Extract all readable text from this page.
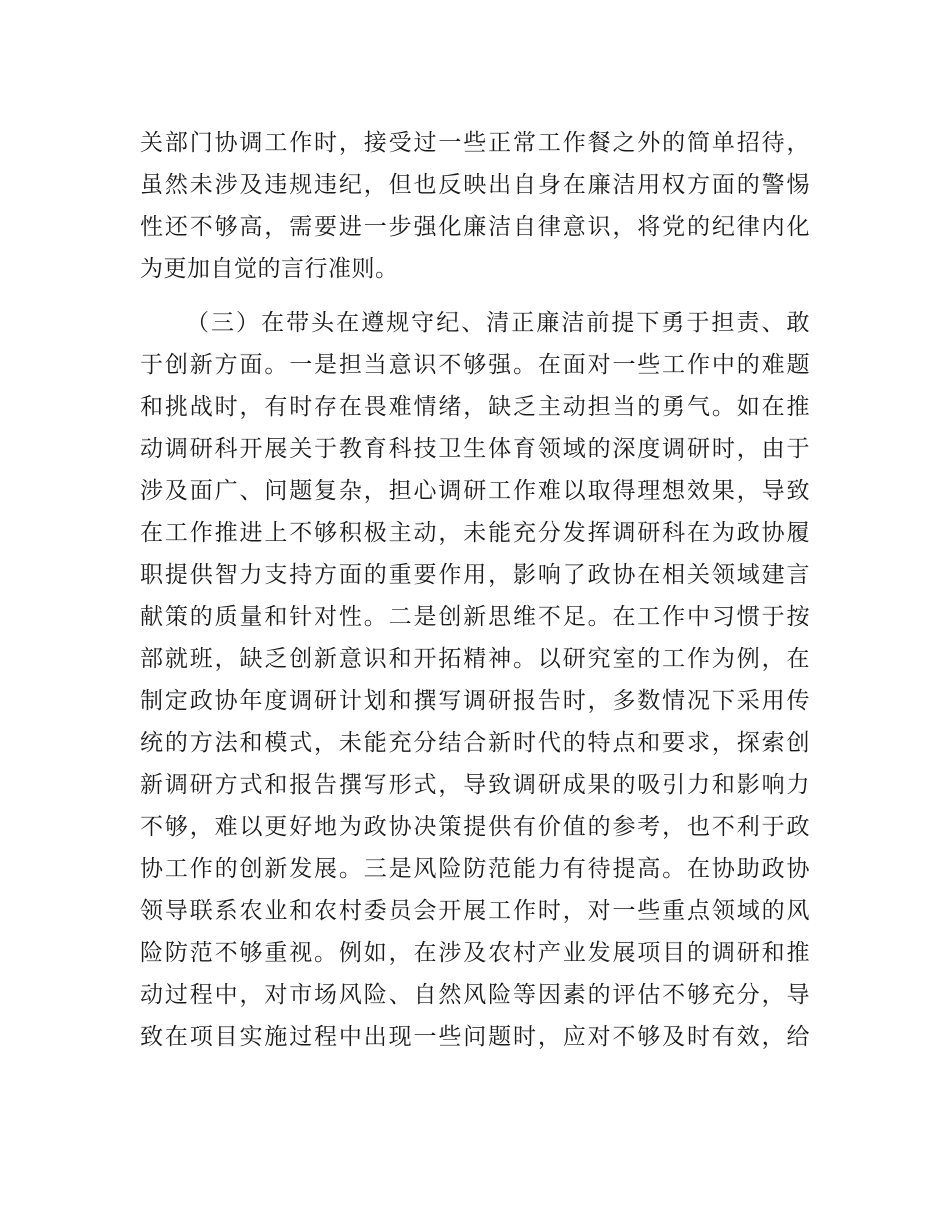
关部门协调工作时，接受过一些正常工作餐之外的简单招待，
虽然未涉及违规违纪，但也反映出自身在廉洁用权方面的警惕
性还不够高，需要进一步强化廉洁自律意识，将党的纪律内化
为更加自觉的言行准则。
（三）在带头在遵规守纪、清正廉洁前提下勇于担责、敢
于创新方面。一是担当意识不够强。在面对一些工作中的难题
和挑战时，有时存在畏难情绪，缺乏主动担当的勇气。如在推
动调研科开展关于教育科技卫生体育领域的深度调研时，由于
涉及面广、问题复杂，担心调研工作难以取得理想效果，导致
在工作推进上不够积极主动，未能充分发挥调研科在为政协履
职提供智力支持方面的重要作用，影响了政协在相关领域建言
献策的质量和针对性。二是创新思维不足。在工作中习惯于按
部就班，缺乏创新意识和开拓精神。以研究室的工作为例，在
制定政协年度调研计划和撰写调研报告时，多数情况下采用传
统的方法和模式，未能充分结合新时代的特点和要求，探索创
新调研方式和报告撰写形式，导致调研成果的吸引力和影响力
不够，难以更好地为政协决策提供有价值的参考，也不利于政
协工作的创新发展。三是风险防范能力有待提高。在协助政协
领导联系农业和农村委员会开展工作时，对一些重点领域的风
险防范不够重视。例如，在涉及农村产业发展项目的调研和推
动过程中，对市场风险、自然风险等因素的评估不够充分，导
致在项目实施过程中出现一些问题时，应对不够及时有效，给
